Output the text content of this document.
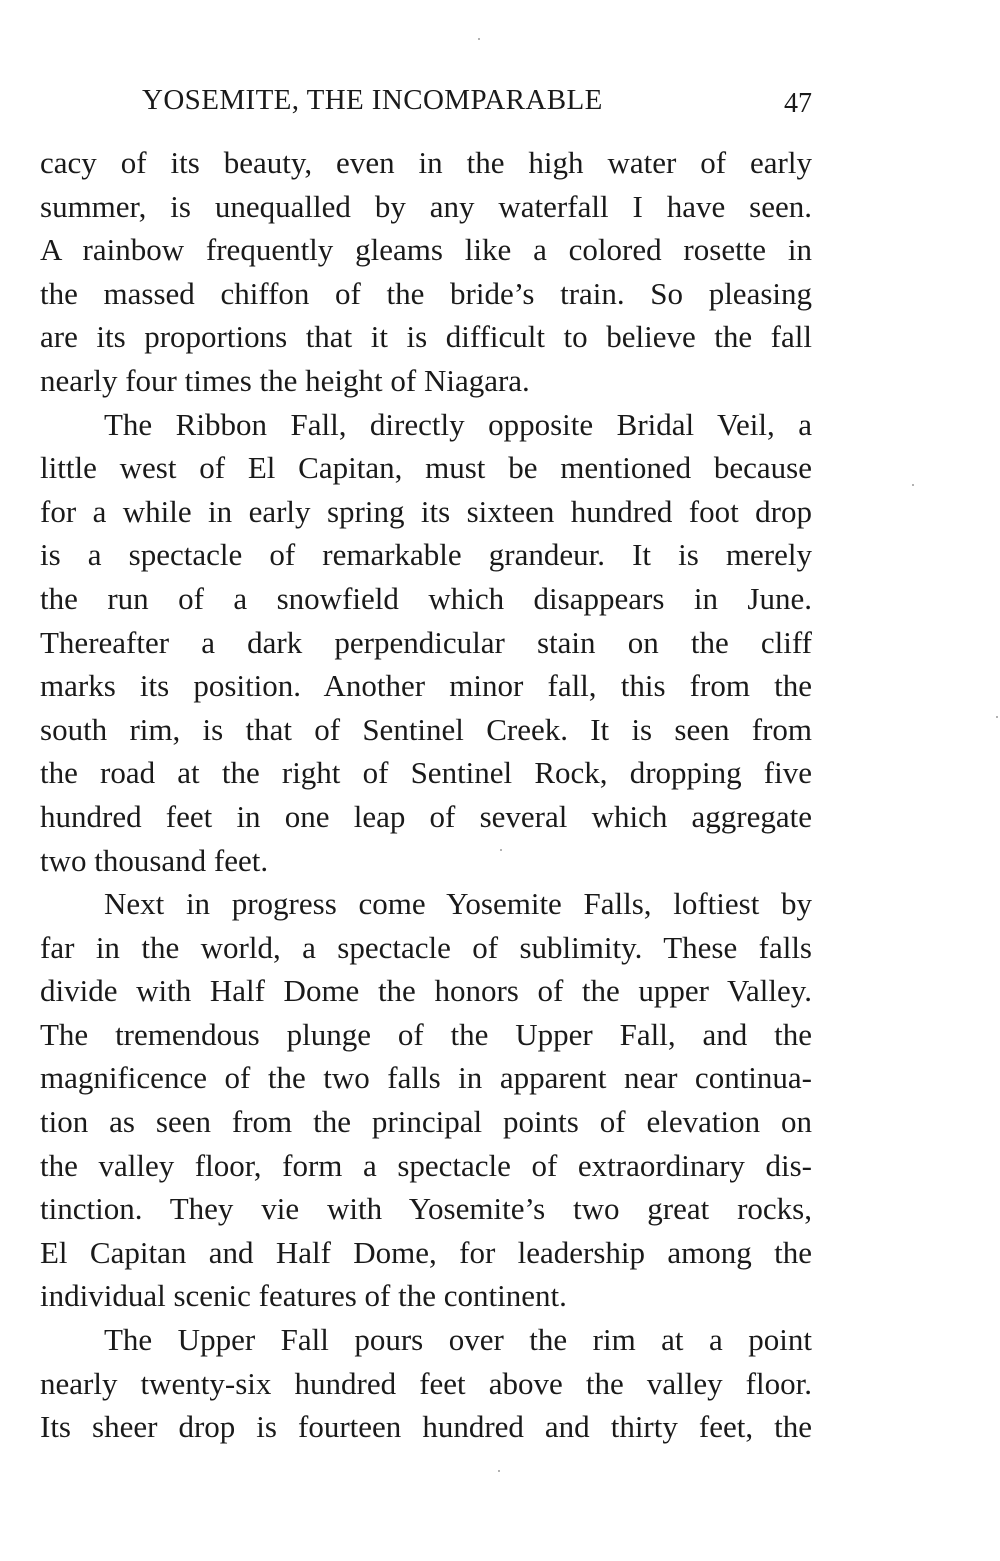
YOSEMITE, THE INCOMPARABLE	47

cacy of its beauty, even in the high water of early
summer, is unequalled by any waterfall I have seen.
A rainbow frequently gleams like a colored rosette in
the massed chiffon of the bride’s train. So pleasing
are its proportions that it is difficult to believe the fall
nearly four times the height of Niagara.

The Ribbon Fall, directly opposite Bridal Veil, a
little west of El Capitan, must be mentioned because
for a while in early spring its sixteen hundred foot drop
is a spectacle of remarkable grandeur. It is merely
the run of a snowfield which disappears in June.
Thereafter a dark perpendicular stain on the cliff
marks its position. Another minor fall, this from the
south rim, is that of Sentinel Creek. It is seen from
the road at the right of Sentinel Rock, dropping five
hundred feet in one leap of several which aggregate
two thousand feet.

Next in progress come Yosemite Falls, loftiest by
far in the world, a spectacle of sublimity. These falls
divide with Half Dome the honors of the upper Valley.
The tremendous plunge of the Upper Fall, and the
magnificence of the two falls in apparent near continua-
tion as seen from the principal points of elevation on
the valley floor, form a spectacle of extraordinary dis-
tinction. They vie with Yosemite’s two great rocks,
El Capitan and Half Dome, for leadership among the
individual scenic features of the continent.

The Upper Fall pours over the rim at a point
nearly twenty-six hundred feet above the valley floor.
Its sheer drop is fourteen hundred and thirty feet, the
